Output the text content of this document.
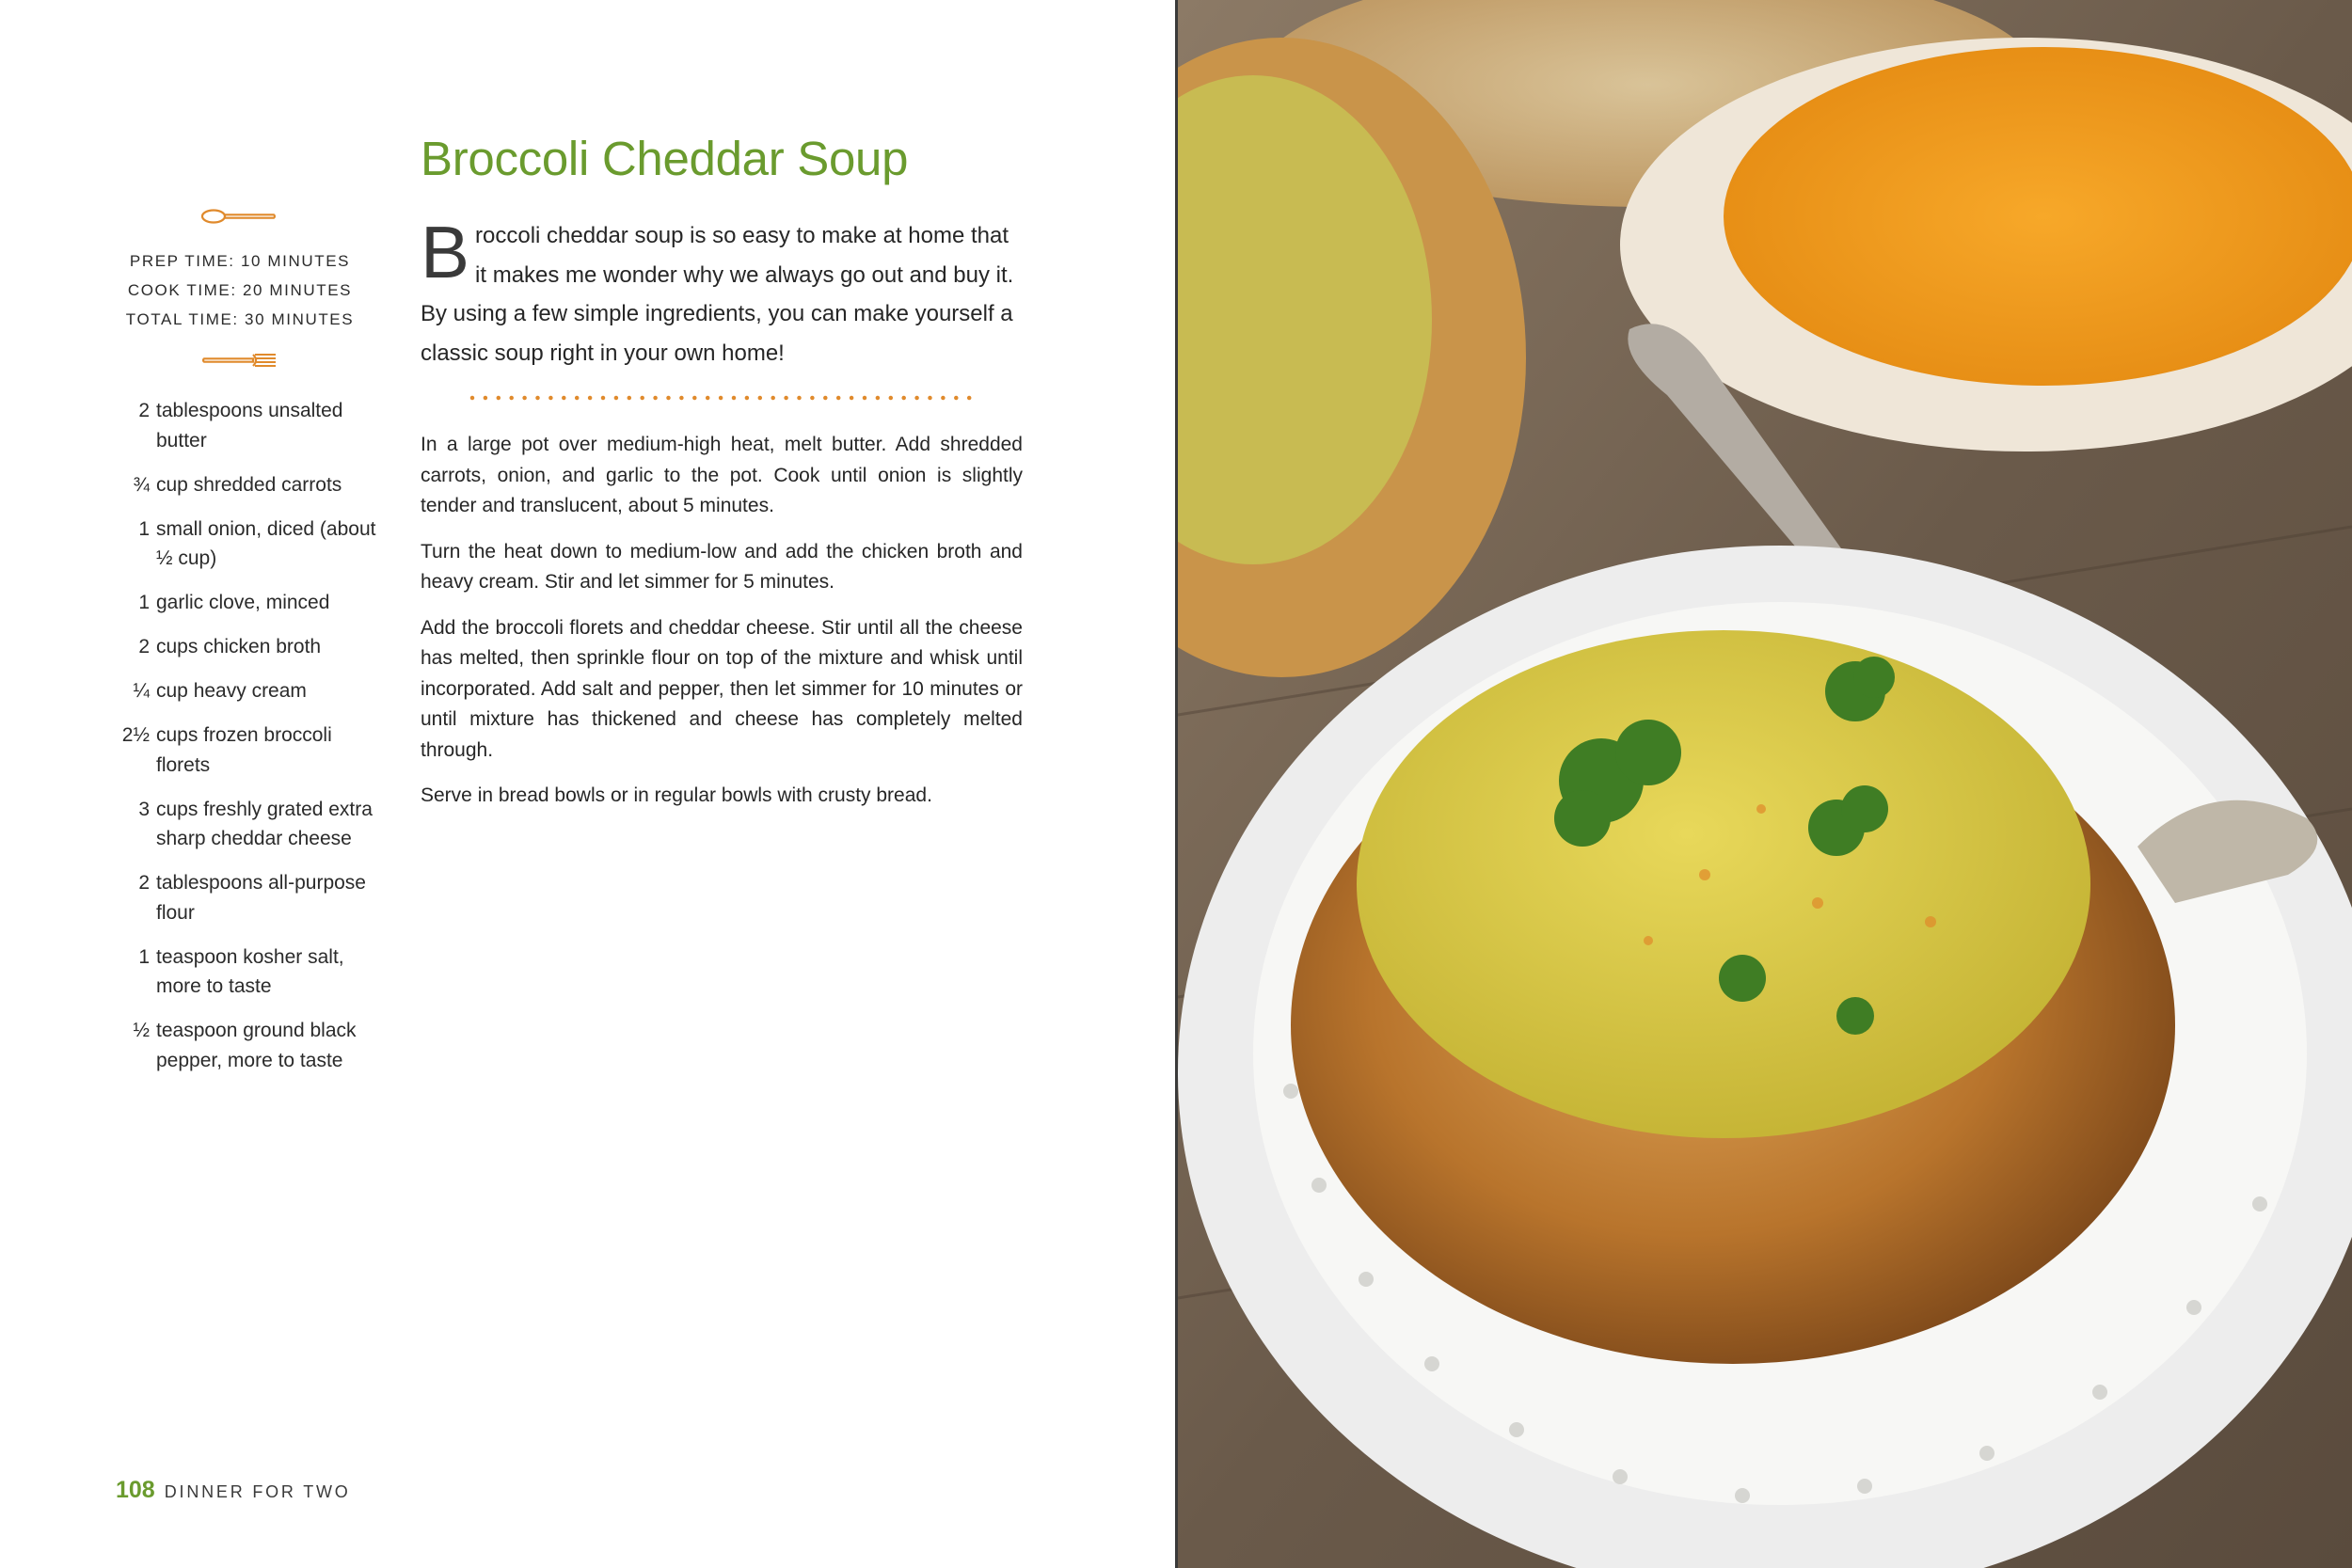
PREP TIME: 10 MINUTES
COOK TIME: 20 MINUTES
TOTAL TIME: 30 MINUTES
2 tablespoons unsalted butter
¾ cup shredded carrots
1 small onion, diced (about ½ cup)
1 garlic clove, minced
2 cups chicken broth
¼ cup heavy cream
2½ cups frozen broccoli florets
3 cups freshly grated extra sharp cheddar cheese
2 tablespoons all-purpose flour
1 teaspoon kosher salt, more to taste
½ teaspoon ground black pepper, more to taste
Broccoli Cheddar Soup

Broccoli cheddar soup is so easy to make at home that it makes me wonder why we always go out and buy it. By using a few simple ingredients, you can make yourself a classic soup right in your own home!

In a large pot over medium-high heat, melt butter. Add shredded carrots, onion, and garlic to the pot. Cook until onion is slightly tender and translucent, about 5 minutes.

Turn the heat down to medium-low and add the chicken broth and heavy cream. Stir and let simmer for 5 minutes.

Add the broccoli florets and cheddar cheese. Stir until all the cheese has melted, then sprinkle flour on top of the mixture and whisk until incorporated. Add salt and pepper, then let simmer for 10 minutes or until mixture has thickened and cheese has completely melted through.

Serve in bread bowls or in regular bowls with crusty bread.

108 DINNER FOR TWO
